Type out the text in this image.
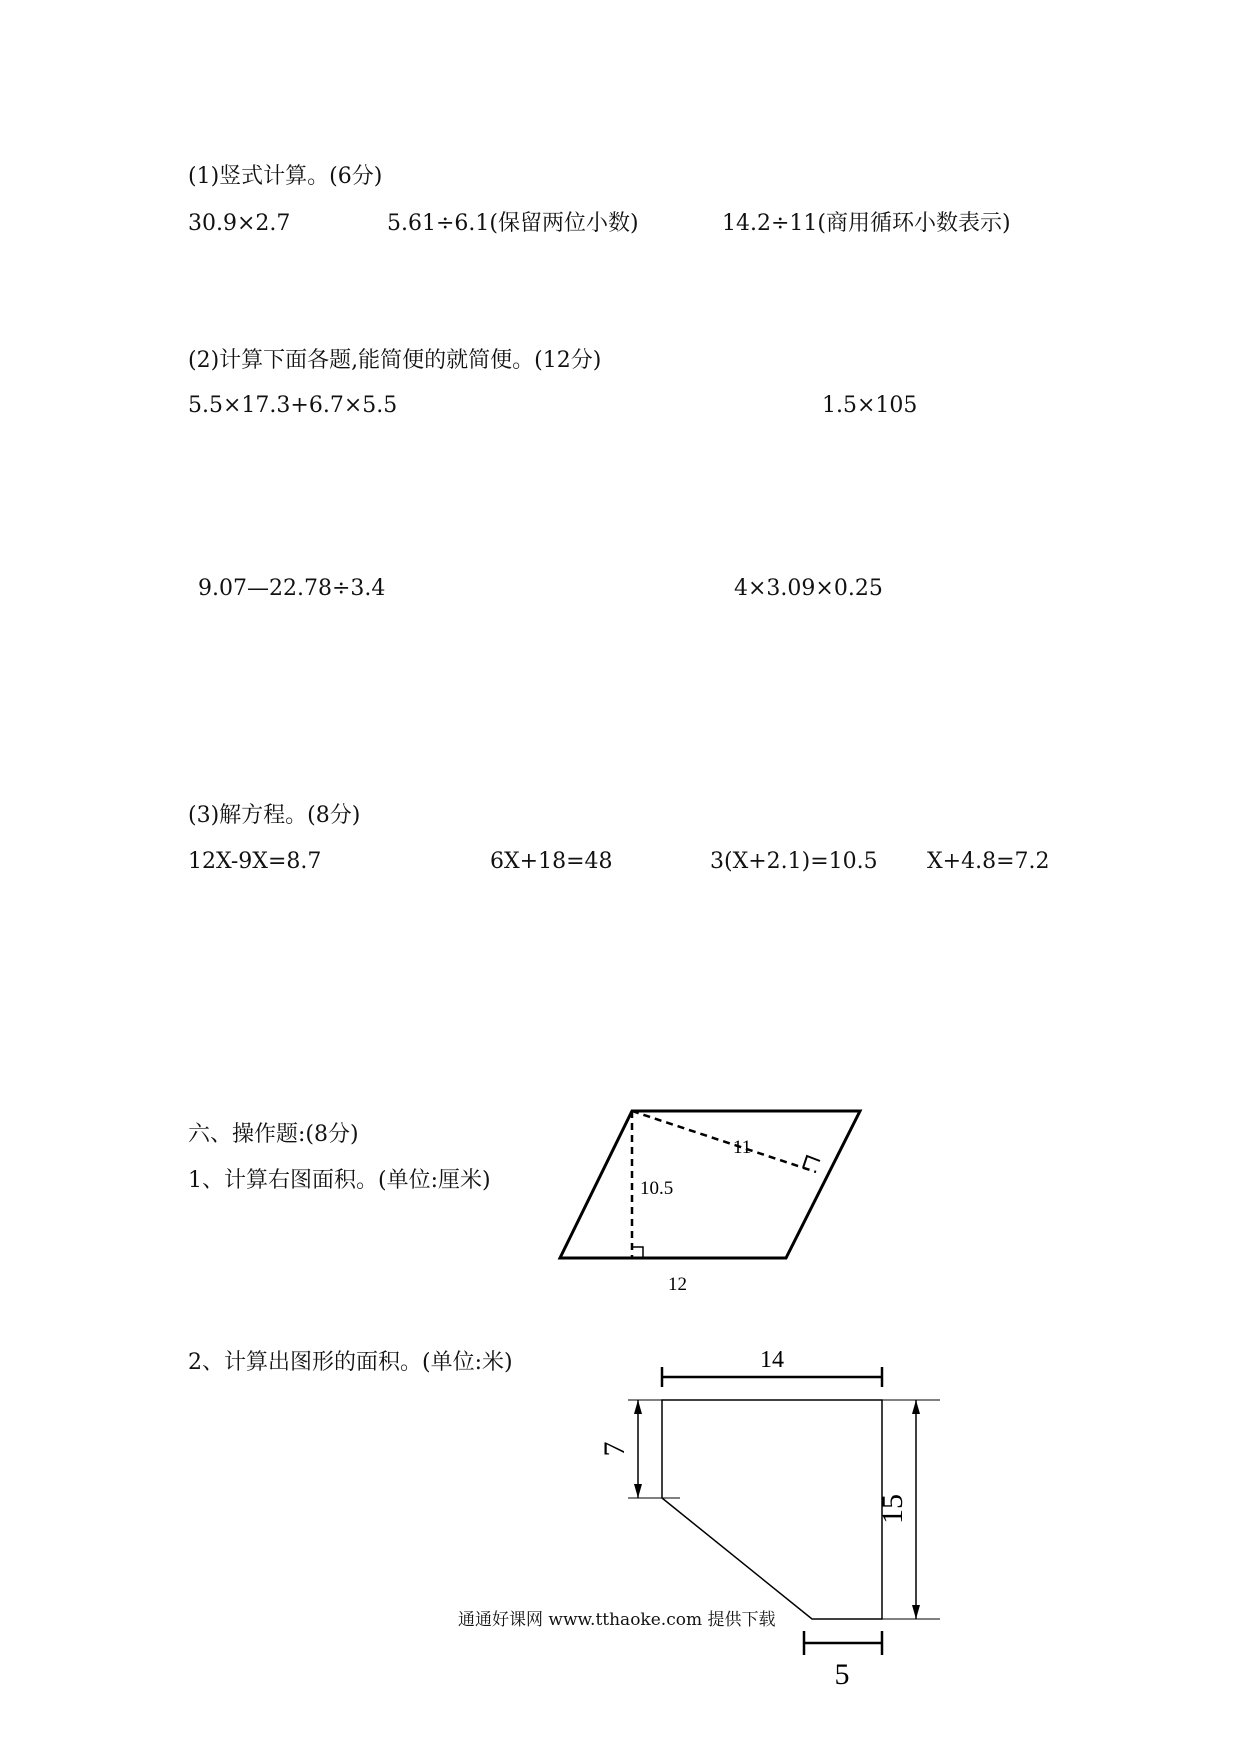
(1)竖式计算。(6分)
30.9×2.7	5.61÷6.1(保留两位小数)	14.2÷11(商用循环小数表示)
(2)计算下面各题,能简便的就简便。(12分)
5.5×17.3+6.7×5.5	1.5×105
9.07—22.78÷3.4	4×3.09×0.25
(3)解方程。(8分)
12X-9X=8.7	6X+18=48	3(X+2.1)=10.5 X+4.8=7.2
六、操作题:(8分)
1、计算右图面积。(单位:厘米)
2、计算出图形的面积。(单位:米)
10.5
11
12
14
7
15
5
通通好课网 www.tthaoke.com 提供下载
